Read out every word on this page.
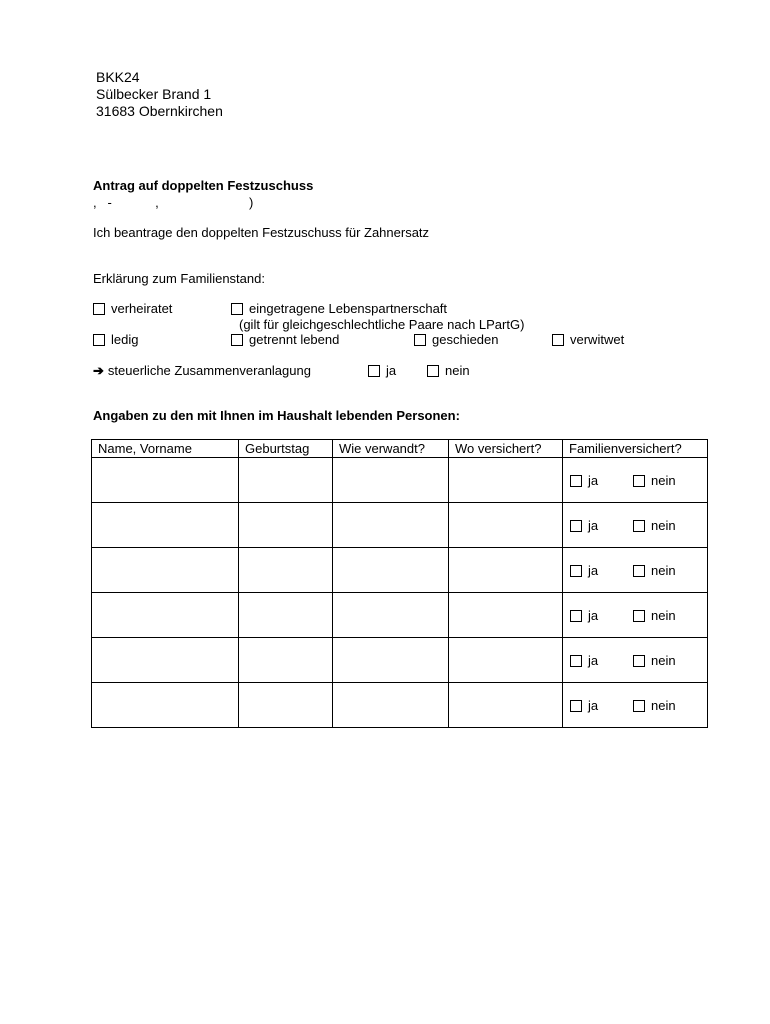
BKK24
Sülbecker Brand 1
31683 Obernkirchen
Antrag auf doppelten Festzuschuss
,   -            ,                         )
Ich beantrage den doppelten Festzuschuss für Zahnersatz
Erklärung zum Familienstand:
verheiratet	eingetragene Lebenspartnerschaft
(gilt für gleichgeschlechtliche Paare nach LPartG)
ledig	getrennt lebend	geschieden	verwitwet
➔ steuerliche Zusammenveranlagung	ja	nein
Angaben zu den mit Ihnen im Haushalt lebenden Personen:
Name, Vorname	Geburtstag	Wie verwandt?	Wo versichert?	Familienversichert?

				ja nein

				ja nein

				ja nein

				ja nein

				ja nein

				ja nein
